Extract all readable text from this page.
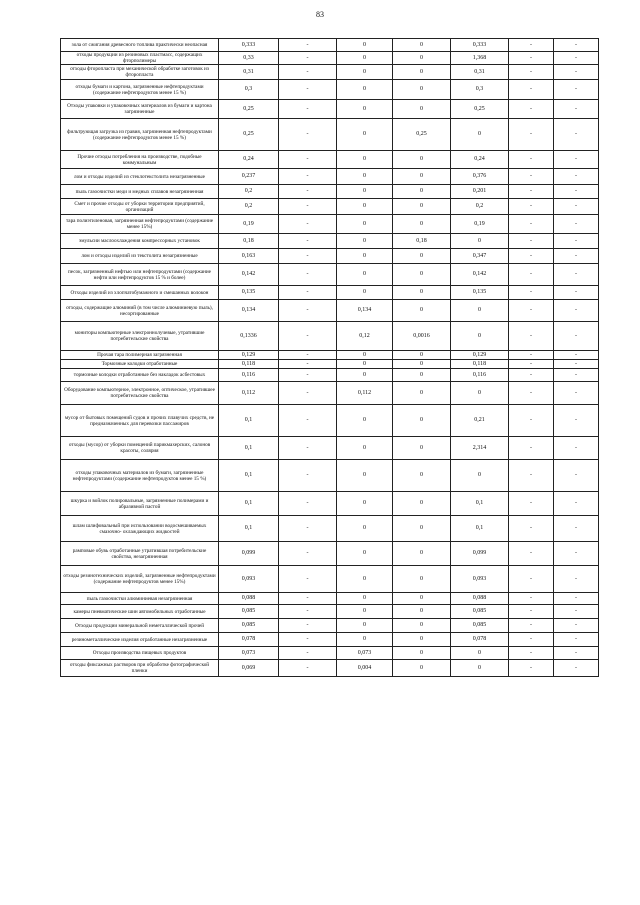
83
зола от сжигания древесного топлива практически неопасная	0,333	-	0	0	0,333	-	-
отходы продукции из резиновых пластмасс, содержащих фторполимеры	0,33	-	0	0	1,368	-	-
отходы фторопласта при механической обработке заготовок из фторопласта	0,31	-	0	0	0,31	-	-
отходы бумаги и картона, загрязненные нефтепродуктами (содержание нефтепродуктов менее 15 %)	0,3	-	0	0	0,3	-	-
Отходы упаковки и упаковочных материалов из бумаги и картона загрязненные	0,25	-	0	0	0,25	-	-
фильтрующая загрузка из гравия, загрязненная нефтепродуктами (содержание нефтепродуктов менее 15 %)	0,25	-	0	0,25	0	-	-
Прочие отходы потребления на производстве, подобные коммунальным	0,24	-	0	0	0,24	-	-
лом и отходы изделий из стеклотекстолита незагрязненные	0,237	-	0	0	0,376	-	-
пыль газоочистки меди и медных сплавов незагрязненная	0,2	-	0	0	0,201	-	-
Смет и прочие отходы от уборки территории предприятий, организаций	0,2	-	0	0	0,2	-	-
тара полиэтиленовая, загрязненная нефтепродуктами (содержание менее 15%)	0,19	-	0	0	0,19	-	-
эмульсии маслоохлаждения компрессорных установок	0,18	-	0	0,18	0	-	-
лом и отходы изделий из текстолита незагрязненные	0,163	-	0	0	0,347	-	-
песок, загрязненный нефтью или нефтепродуктами (содержание нефти или нефтепродуктов 15 % и более)	0,142	-	0	0	0,142	-	-
Отходы изделий из хлопчатобумажного и смешанных волокон	0,135	-	0	0	0,135	-	-
отходы, содержащие алюминий (в том числе алюминиевую пыль), несортированные	0,134	-	0,134	0	0	-	-
мониторы компьютерные электроннолучевые, утратившие потребительские свойства	0,1336	-	0,12	0,0016	0	-	-
Прочая тара полимерная загрязненная	0,129	-	0	0	0,129	-	-
Тормозные колодки отработанные	0,118	-	0	0	0,118	-	-
тормозные колодки отработанные без накладок асбестовых	0,116	-	0	0	0,116	-	-
Оборудование компьютерное, электронное, оптическое, утратившее потребительские свойства	0,112	-	0,112	0	0	-	-
мусор от бытовых помещений судов и прочих плавучих средств, не предназначенных для перевозки пассажиров	0,1	-	0	0	0,21	-	-
отходы (мусор) от уборки помещений парикмахерских, салонов красоты, солярия	0,1	-	0	0	2,314	-	-
отходы упаковочных материалов из бумаги, загрязненные нефтепродуктами (содержание нефтепродуктов менее 15 %)	0,1	-	0	0	0	-	-
шкурка и войлок полировальные, загрязненные полимерами и абразивной пастой	0,1	-	0	0	0,1	-	-
шлам шлифовальный при использовании водосмешиваемых смазочно- охлаждающих жидкостей	0,1	-	0	0	0,1	-	-
рамповые обувь отработанные утратившая потребительские свойства, незагрязненная	0,099	-	0	0	0,099	-	-
отходы резинотехнических изделий, загрязненные нефтепродуктами (содержание нефтепродуктов менее 15%)	0,093	-	0	0	0,093	-	-
пыль газоочистки алюминиевая незагрязненная	0,088	-	0	0	0,088	-	-
камеры пневматические шин автомобильных отработанные	0,085	-	0	0	0,085	-	-
Отходы продукции минеральной неметаллической прочей	0,085	-	0	0	0,085	-	-
резинометаллические изделия отработанные незагрязненные	0,078	-	0	0	0,078	-	-
Отходы производства пищевых продуктов	0,073	-	0,073	0	0	-	-
отходы фиксажных растворов при обработке фотографической пленки	0,069	-	0,004	0	0	-	-
